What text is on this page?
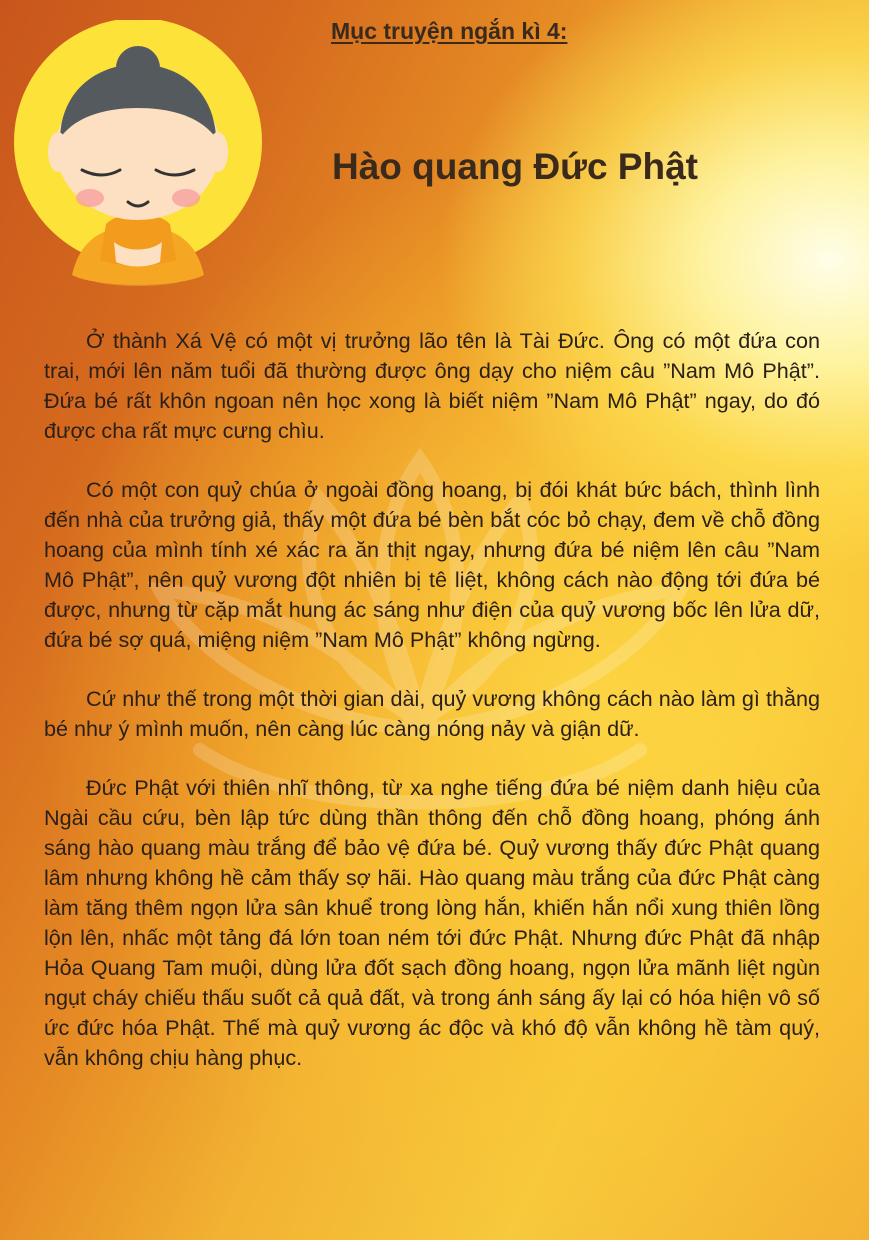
Mục truyện ngắn kì 4:
Hào quang Đức Phật

Ở thành Xá Vệ có một vị trưởng lão tên là Tài Đức. Ông có một đứa con trai, mới lên năm tuổi đã thường được ông dạy cho niệm câu ”Nam Mô Phật”. Đứa bé rất khôn ngoan nên học xong là biết niệm ”Nam Mô Phật” ngay, do đó được cha rất mực cưng chìu.

Có một con quỷ chúa ở ngoài đồng hoang, bị đói khát bức bách, thình lình đến nhà của trưởng giả, thấy một đứa bé bèn bắt cóc bỏ chạy, đem về chỗ đồng hoang của mình tính xé xác ra ăn thịt ngay, nhưng đứa bé niệm lên câu ”Nam Mô Phật”, nên quỷ vương đột nhiên bị tê liệt, không cách nào động tới đứa bé được, nhưng từ cặp mắt hung ác sáng như điện của quỷ vương bốc lên lửa dữ, đứa bé sợ quá, miệng niệm ”Nam Mô Phật” không ngừng.

Cứ như thế trong một thời gian dài, quỷ vương không cách nào làm gì thằng bé như ý mình muốn, nên càng lúc càng nóng nảy và giận dữ.

Đức Phật với thiên nhĩ thông, từ xa nghe tiếng đứa bé niệm danh hiệu của Ngài cầu cứu, bèn lập tức dùng thần thông đến chỗ đồng hoang, phóng ánh sáng hào quang màu trắng để bảo vệ đứa bé. Quỷ vương thấy đức Phật quang lâm nhưng không hề cảm thấy sợ hãi. Hào quang màu trắng của đức Phật càng làm tăng thêm ngọn lửa sân khuể trong lòng hắn, khiến hắn nổi xung thiên lồng lộn lên, nhấc một tảng đá lớn toan ném tới đức Phật. Nhưng đức Phật đã nhập Hỏa Quang Tam muội, dùng lửa đốt sạch đồng hoang, ngọn lửa mãnh liệt ngùn ngụt cháy chiếu thấu suốt cả quả đất, và trong ánh sáng ấy lại có hóa hiện vô số ức đức hóa Phật. Thế mà quỷ vương ác độc và khó độ vẫn không hề tàm quý, vẫn không chịu hàng phục.
